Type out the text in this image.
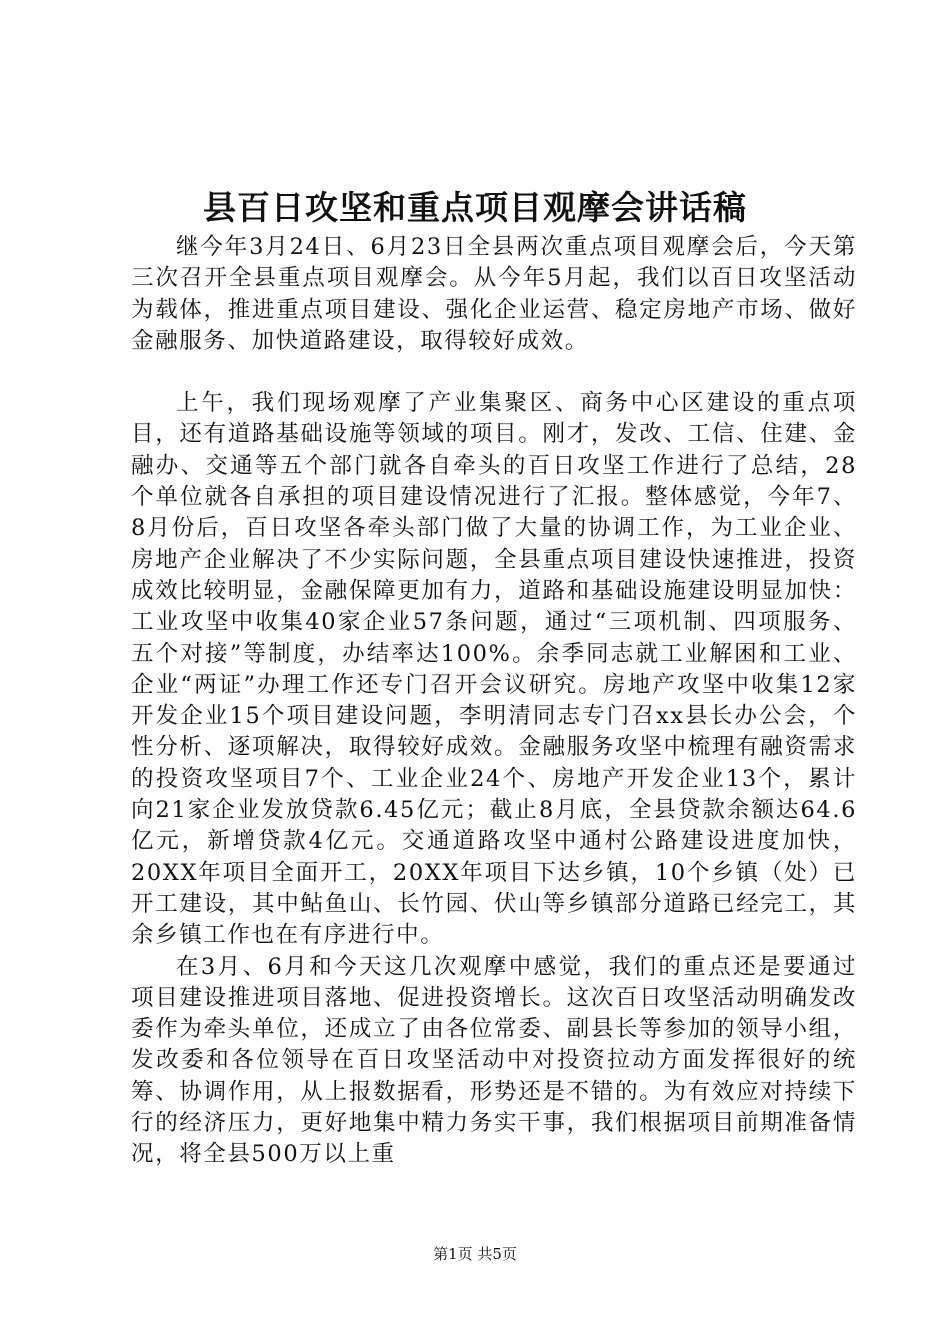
县百日攻坚和重点项目观摩会讲话稿

继今年3月24日、6月23日全县两次重点项目观摩会后，今天第三次召开全县重点项目观摩会。从今年5月起，我们以百日攻坚活动为载体，推进重点项目建设、强化企业运营、稳定房地产市场、做好金融服务、加快道路建设，取得较好成效。

上午，我们现场观摩了产业集聚区、商务中心区建设的重点项目，还有道路基础设施等领域的项目。刚才，发改、工信、住建、金融办、交通等五个部门就各自牵头的百日攻坚工作进行了总结，28个单位就各自承担的项目建设情况进行了汇报。整体感觉，今年7、8月份后，百日攻坚各牵头部门做了大量的协调工作，为工业企业、房地产企业解决了不少实际问题，全县重点项目建设快速推进，投资成效比较明显，金融保障更加有力，道路和基础设施建设明显加快：工业攻坚中收集40家企业57条问题，通过“三项机制、四项服务、五个对接”等制度，办结率达100%。余季同志就工业解困和工业、企业“两证”办理工作还专门召开会议研究。房地产攻坚中收集12家开发企业15个项目建设问题，李明清同志专门召xx县长办公会，个性分析、逐项解决，取得较好成效。金融服务攻坚中梳理有融资需求的投资攻坚项目7个、工业企业24个、房地产开发企业13个，累计向21家企业发放贷款6.45亿元；截止8月底，全县贷款余额达64.6亿元，新增贷款4亿元。交通道路攻坚中通村公路建设进度加快，20XX年项目全面开工，20XX年项目下达乡镇，10个乡镇（处）已开工建设，其中鲇鱼山、长竹园、伏山等乡镇部分道路已经完工，其余乡镇工作也在有序进行中。

在3月、6月和今天这几次观摩中感觉，我们的重点还是要通过项目建设推进项目落地、促进投资增长。这次百日攻坚活动明确发改委作为牵头单位，还成立了由各位常委、副县长等参加的领导小组，发改委和各位领导在百日攻坚活动中对投资拉动方面发挥很好的统筹、协调作用，从上报数据看，形势还是不错的。为有效应对持续下行的经济压力，更好地集中精力务实干事，我们根据项目前期准备情况，将全县500万以上重

第1页 共5页
